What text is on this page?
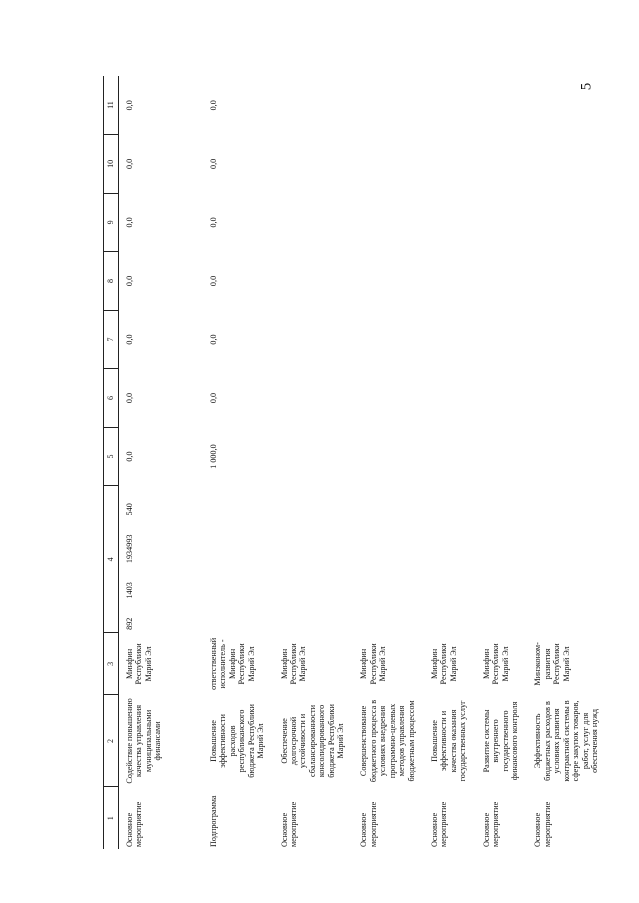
5
1	2	3	4	5	6	7	8	9	10	11
Основное мероприятие	Содействие повышению качества управления муниципальными финансами	Минфин Республики Марий Эл	892 1403 1934993 540	0,0	0,0	0,0	0,0	0,0	0,0	0,0
Подпрограмма	Повышение эффективности расходов республиканского бюджета Республики Марий Эл	ответственный исполнитель - Минфин Республики Марий Эл		1 000,0	0,0	0,0	0,0	0,0	0,0	0,0
Основное мероприятие	Обеспечение долгосрочной устойчивости и сбалансированности консолидированного бюджета Республики Марий Эл	Минфин Республики Марий Эл								
Основное мероприятие	Совершенствование бюджетного процесса в условиях внедрения программно-целевых методов управления бюджетным процессом	Минфин Республики Марий Эл								
Основное мероприятие	Повышение эффективности и качества оказания государственных услуг	Минфин Республики Марий Эл								
Основное мероприятие	Развитие системы внутреннего государственного финансового контроля	Минфин Республики Марий Эл								
Основное мероприятие	Эффективность бюджетных расходов в условиях развития контрактной системы в сфере закупок товаров, работ, услуг для обеспечения нужд	Минэконом-развития Республики Марий Эл								
